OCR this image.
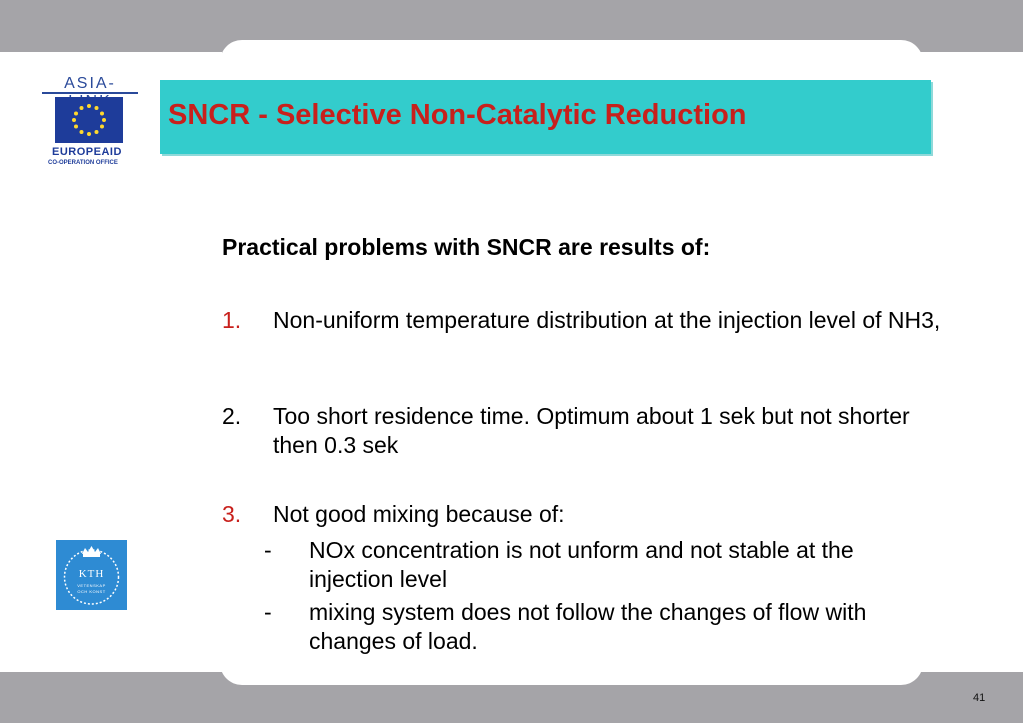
ASIA-
EUROPEAID
CO-OPERATION OFFICE
SNCR - Selective Non-Catalytic Reduction

Practical problems with SNCR are results of:

1. Non-uniform temperature distribution at the injection level of NH3,
2. Too short residence time. Optimum about 1 sek but not shorter then 0.3 sek
3. Not good mixing because of:
- NOx concentration is not unform and not stable at the injection level
- mixing system does not follow the changes of flow with changes of load.
KTH
VETENSKAP
OCH KONST
41
